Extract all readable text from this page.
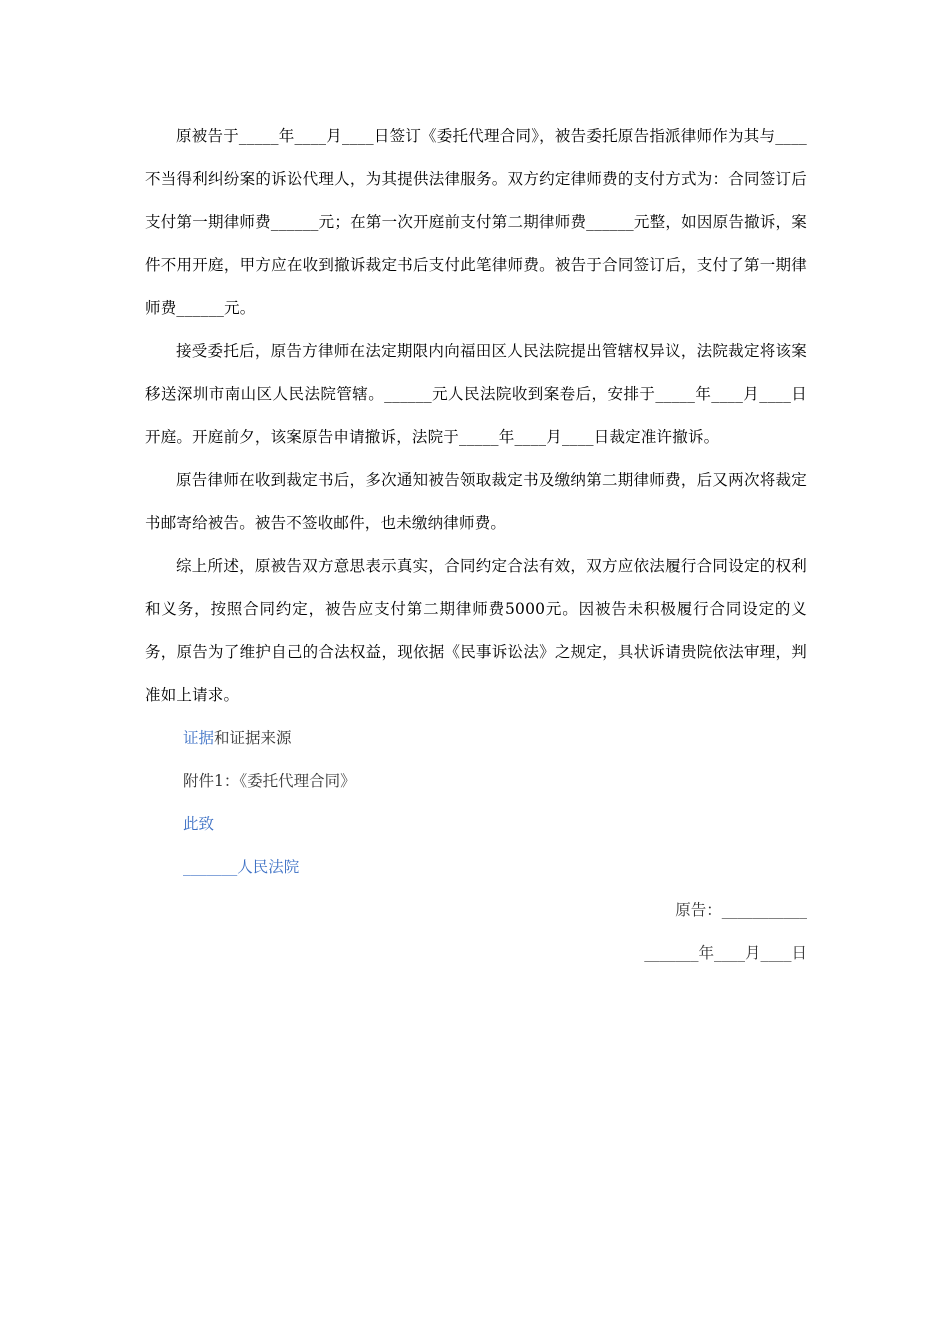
原被告于_____年____月____日签订《委托代理合同》，被告委托原告指派律师作为其与____不当得利纠纷案的诉讼代理人，为其提供法律服务。双方约定律师费的支付方式为：合同签订后支付第一期律师费______元；在第一次开庭前支付第二期律师费______元整，如因原告撤诉，案件不用开庭，甲方应在收到撤诉裁定书后支付此笔律师费。被告于合同签订后，支付了第一期律师费______元。

接受委托后，原告方律师在法定期限内向福田区人民法院提出管辖权异议，法院裁定将该案移送深圳市南山区人民法院管辖。______元人民法院收到案卷后，安排于_____年____月____日开庭。开庭前夕，该案原告申请撤诉，法院于_____年____月____日裁定准许撤诉。

原告律师在收到裁定书后，多次通知被告领取裁定书及缴纳第二期律师费，后又两次将裁定书邮寄给被告。被告不签收邮件，也未缴纳律师费。

综上所述，原被告双方意思表示真实，合同约定合法有效，双方应依法履行合同设定的权利和义务，按照合同约定，被告应支付第二期律师费5000元。因被告未积极履行合同设定的义务，原告为了维护自己的合法权益，现依据《民事诉讼法》之规定，具状诉请贵院依法审理，判准如上请求。

证据和证据来源

附件1：《委托代理合同》

此致

_______人民法院

原告：___________

_______年____月____日
